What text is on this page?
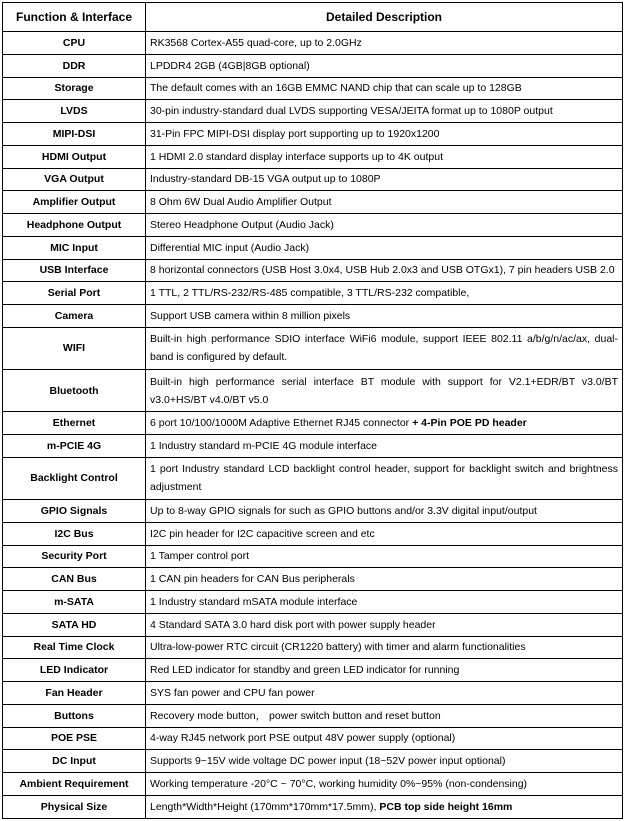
Function & Interface	Detailed Description
CPU	RK3568 Cortex-A55 quad-core, up to 2.0GHz
DDR	LPDDR4 2GB (4GB|8GB optional)
Storage	The default comes with an 16GB EMMC NAND chip that can scale up to 128GB
LVDS	30-pin industry-standard dual LVDS supporting VESA/JEITA format up to 1080P output
MIPI-DSI	31-Pin FPC MIPI-DSI display port supporting up to 1920x1200
HDMI Output	1 HDMI 2.0 standard display interface supports up to 4K output
VGA Output	Industry-standard DB-15 VGA output up to 1080P
Amplifier Output	8 Ohm 6W Dual Audio Amplifier Output
Headphone Output	Stereo Headphone Output (Audio Jack)
MIC Input	Differential MIC input (Audio Jack)
USB Interface	8 horizontal connectors (USB Host 3.0x4, USB Hub 2.0x3 and USB OTGx1), 7 pin headers USB 2.0
Serial Port	1 TTL, 2 TTL/RS-232/RS-485 compatible, 3 TTL/RS-232 compatible,
Camera	Support USB camera within 8 million pixels
WIFI	Built-in high performance SDIO interface WiFi6 module, support IEEE 802.11 a/b/g/n/ac/ax, dual-band is configured by default.
Bluetooth	Built-in high performance serial interface BT module with support for V2.1+EDR/BT v3.0/BT v3.0+HS/BT v4.0/BT v5.0
Ethernet	6 port 10/100/1000M Adaptive Ethernet RJ45 connector + 4-Pin POE PD header
m-PCIE 4G	1 Industry standard m-PCIE 4G module interface
Backlight Control	1 port Industry standard LCD backlight control header, support for backlight switch and brightness adjustment
GPIO Signals	Up to 8-way GPIO signals for such as GPIO buttons and/or 3.3V digital input/output
I2C Bus	I2C pin header for I2C capacitive screen and etc
Security Port	1 Tamper control port
CAN Bus	1 CAN pin headers for CAN Bus peripherals
m-SATA	1 Industry standard mSATA module interface
SATA HD	4 Standard SATA 3.0 hard disk port with power supply header
Real Time Clock	Ultra-low-power RTC circuit (CR1220 battery) with timer and alarm functionalities
LED Indicator	Red LED indicator for standby and green LED indicator for running
Fan Header	SYS fan power and CPU fan power
Buttons	Recovery mode button， power switch button and reset button
POE PSE	4-way RJ45 network port PSE output 48V power supply (optional)
DC Input	Supports 9~15V wide voltage DC power input (18~52V power input optional)
Ambient Requirement	Working temperature -20°C ~ 70°C, working humidity 0%~95% (non-condensing)
Physical Size	Length*Width*Height (170mm*170mm*17.5mm), PCB top side height 16mm
